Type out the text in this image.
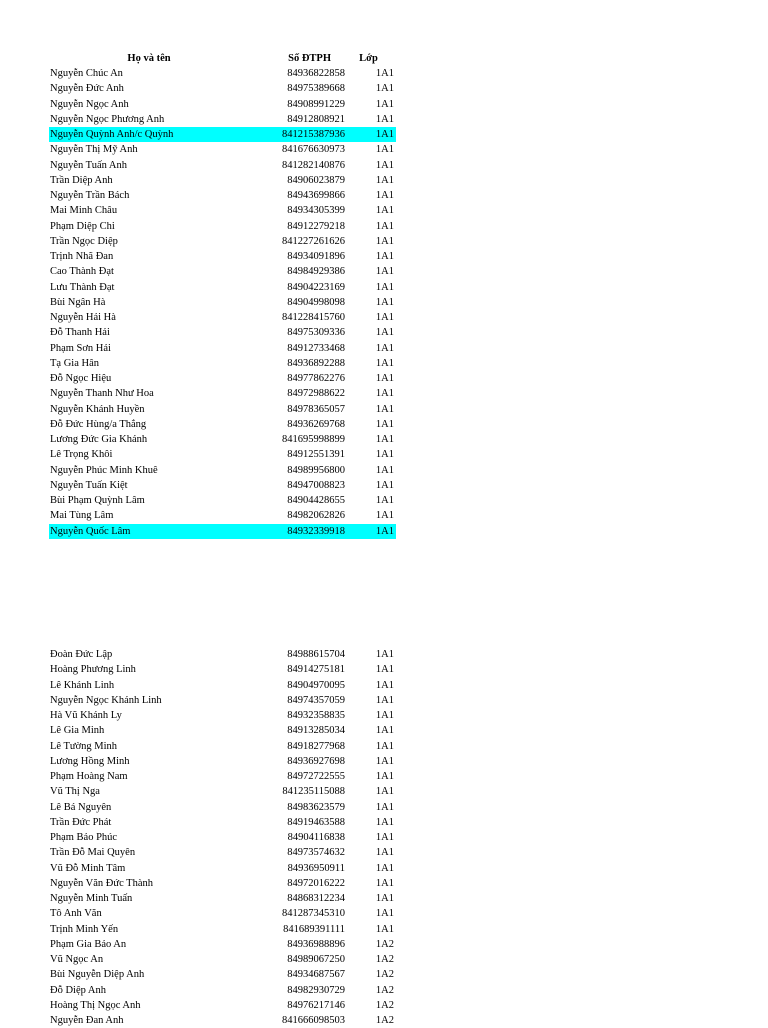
Họ và tên	Số ĐTPH	Lớp
Nguyễn Chúc An	84936822858	1A1
Nguyễn Đức Anh	84975389668	1A1
Nguyễn Ngọc Anh	84908991229	1A1
Nguyễn Ngọc Phương Anh	84912808921	1A1
Nguyễn Quỳnh Anh/c Quỳnh	841215387936	1A1
Nguyễn Thị Mỹ Anh	841676630973	1A1
Nguyễn Tuấn Anh	841282140876	1A1
Trần Diệp Anh	84906023879	1A1
Nguyễn Trần Bách	84943699866	1A1
Mai Minh Châu	84934305399	1A1
Phạm Diệp Chi	84912279218	1A1
Trần Ngọc Diệp	841227261626	1A1
Trịnh Nhã Đan	84934091896	1A1
Cao Thành Đạt	84984929386	1A1
Lưu Thành Đạt	84904223169	1A1
Bùi Ngân Hà	84904998098	1A1
Nguyễn Hải Hà	841228415760	1A1
Đỗ Thanh Hải	84975309336	1A1
Phạm Sơn Hải	84912733468	1A1
Tạ Gia Hân	84936892288	1A1
Đỗ Ngọc Hiệu	84977862276	1A1
Nguyễn Thanh Như Hoa	84972988622	1A1
Nguyễn Khánh Huyền	84978365057	1A1
Đỗ Đức Hùng/a Thắng	84936269768	1A1
Lương Đức Gia Khánh	841695998899	1A1
Lê Trọng Khôi	84912551391	1A1
Nguyễn Phúc Minh Khuê	84989956800	1A1
Nguyễn Tuấn Kiệt	84947008823	1A1
Bùi Phạm Quỳnh Lâm	84904428655	1A1
Mai Tùng Lâm	84982062826	1A1
Nguyễn Quốc Lâm	84932339918	1A1
Đoàn Đức Lập	84988615704	1A1
Hoàng Phương Linh	84914275181	1A1
Lê Khánh Linh	84904970095	1A1
Nguyễn Ngọc Khánh Linh	84974357059	1A1
Hà Vũ Khánh Ly	84932358835	1A1
Lê Gia Minh	84913285034	1A1
Lê Tường Minh	84918277968	1A1
Lương Hồng Minh	84936927698	1A1
Phạm Hoàng Nam	84972722555	1A1
Vũ Thị Nga	841235115088	1A1
Lê Bá Nguyên	84983623579	1A1
Trần Đức Phát	84919463588	1A1
Phạm Bảo Phúc	84904116838	1A1
Trần Đỗ Mai Quyên	84973574632	1A1
Vũ Đỗ Minh Tâm	84936950911	1A1
Nguyễn Văn Đức Thành	84972016222	1A1
Nguyễn Minh Tuấn	84868312234	1A1
Tô Anh Văn	841287345310	1A1
Trịnh Minh Yến	841689391111	1A1
Phạm Gia Bảo An	84936988896	1A2
Vũ Ngọc An	84989067250	1A2
Bùi Nguyễn Diệp Anh	84934687567	1A2
Đỗ Diệp Anh	84982930729	1A2
Hoàng Thị Ngọc Anh	84976217146	1A2
Nguyễn Đan Anh	841666098503	1A2
